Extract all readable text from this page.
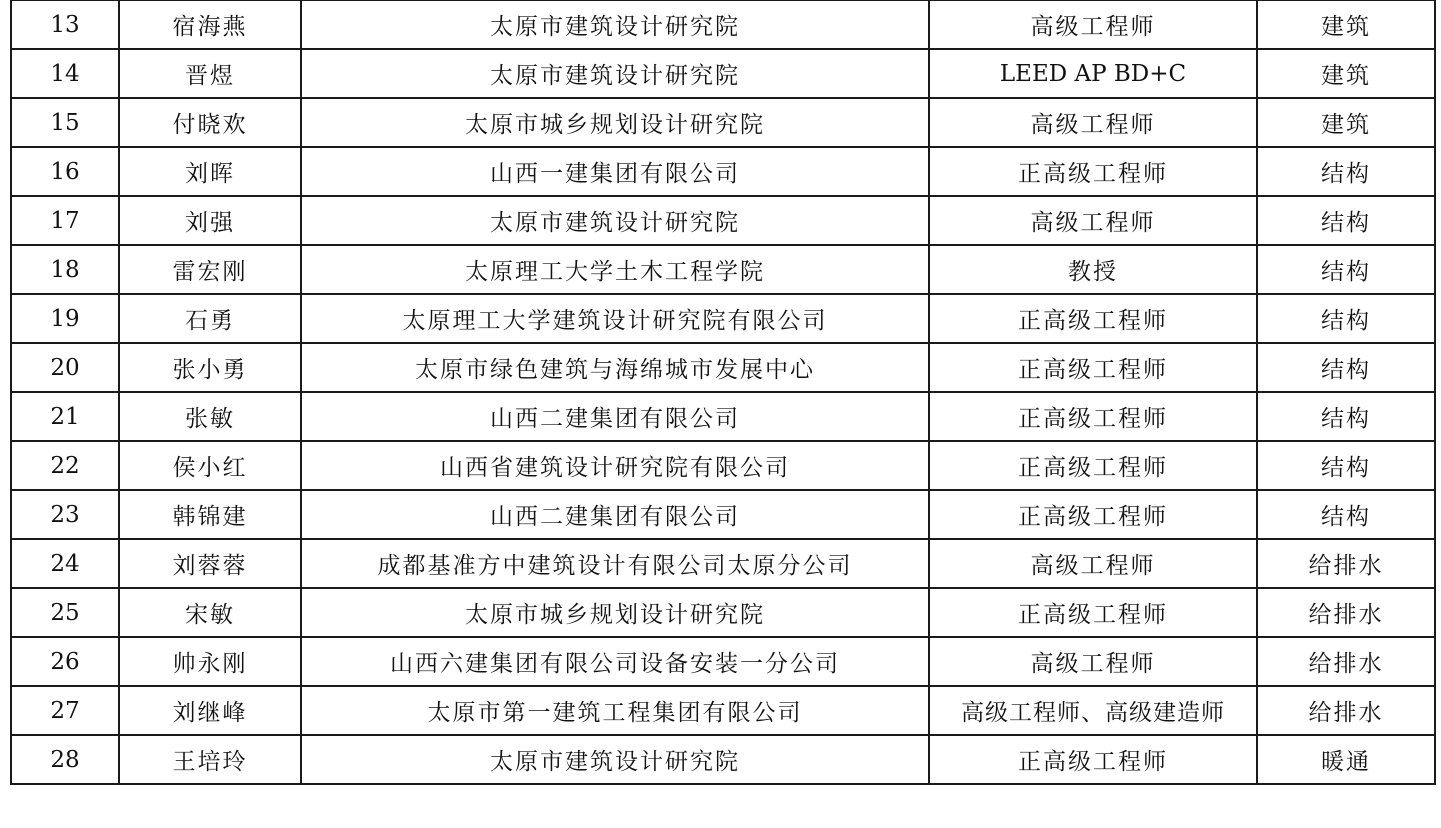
13	宿海燕	太原市建筑设计研究院	高级工程师	建筑
14	晋煜	太原市建筑设计研究院	LEED AP BD+C	建筑
15	付晓欢	太原市城乡规划设计研究院	高级工程师	建筑
16	刘晖	山西一建集团有限公司	正高级工程师	结构
17	刘强	太原市建筑设计研究院	高级工程师	结构
18	雷宏刚	太原理工大学土木工程学院	教授	结构
19	石勇	太原理工大学建筑设计研究院有限公司	正高级工程师	结构
20	张小勇	太原市绿色建筑与海绵城市发展中心	正高级工程师	结构
21	张敏	山西二建集团有限公司	正高级工程师	结构
22	侯小红	山西省建筑设计研究院有限公司	正高级工程师	结构
23	韩锦建	山西二建集团有限公司	正高级工程师	结构
24	刘蓉蓉	成都基准方中建筑设计有限公司太原分公司	高级工程师	给排水
25	宋敏	太原市城乡规划设计研究院	正高级工程师	给排水
26	帅永刚	山西六建集团有限公司设备安装一分公司	高级工程师	给排水
27	刘继峰	太原市第一建筑工程集团有限公司	高级工程师、高级建造师	给排水
28	王培玲	太原市建筑设计研究院	正高级工程师	暖通
